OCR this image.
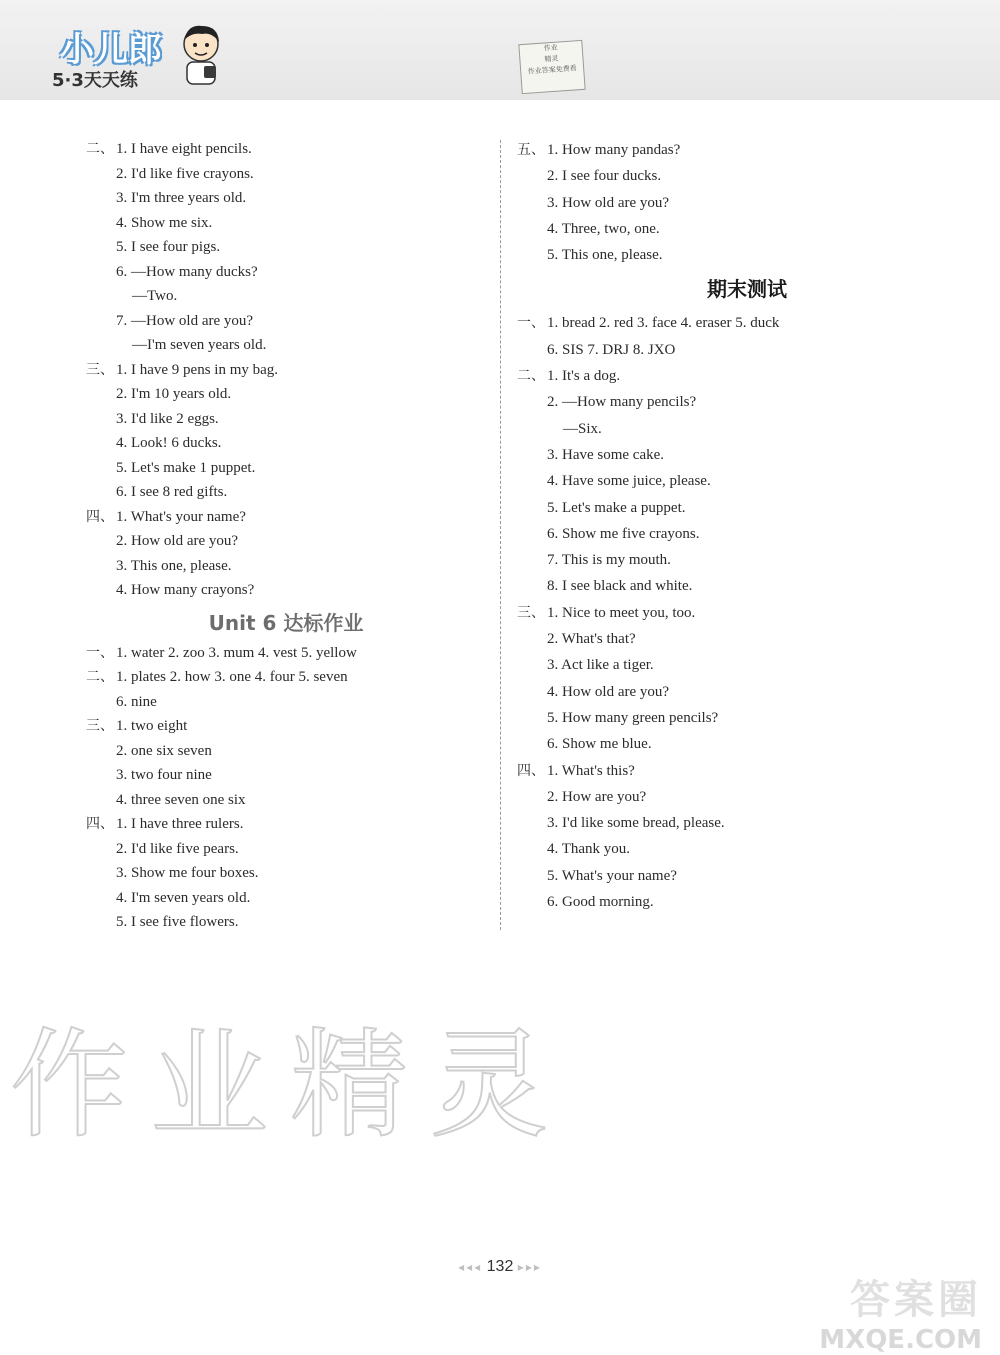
小儿郎
5·3天天练
作业
精灵
作业答案免费看
二、 1. I have eight pencils.
2. I'd like five crayons.
3. I'm three years old.
4. Show me six.
5. I see four pigs.
6. —How many ducks?
—Two.
7. —How old are you?
—I'm seven years old.
三、 1. I have 9 pens in my bag.
2. I'm 10 years old.
3. I'd like 2 eggs.
4. Look! 6 ducks.
5. Let's make 1 puppet.
6. I see 8 red gifts.
四、 1. What's your name?
2. How old are you?
3. This one, please.
4. How many crayons?
Unit 6 达标作业
一、 1. water 2. zoo 3. mum 4. vest 5. yellow
二、 1. plates 2. how 3. one 4. four 5. seven
6. nine
三、 1. two eight
2. one six seven
3. two four nine
4. three seven one six
四、 1. I have three rulers.
2. I'd like five pears.
3. Show me four boxes.
4. I'm seven years old.
5. I see five flowers.
五、 1. How many pandas?
2. I see four ducks.
3. How old are you?
4. Three, two, one.
5. This one, please.
期末测试
一、 1. bread 2. red 3. face 4. eraser 5. duck
6. SIS 7. DRJ 8. JXO
二、 1. It's a dog.
2. —How many pencils?
—Six.
3. Have some cake.
4. Have some juice, please.
5. Let's make a puppet.
6. Show me five crayons.
7. This is my mouth.
8. I see black and white.
三、 1. Nice to meet you, too.
2. What's that?
3. Act like a tiger.
4. How old are you?
5. How many green pencils?
6. Show me blue.
四、 1. What's this?
2. How are you?
3. I'd like some bread, please.
4. Thank you.
5. What's your name?
6. Good morning.
作业精灵
◂◂◂ 132 ▸▸▸
答案圈
MXQE.COM
